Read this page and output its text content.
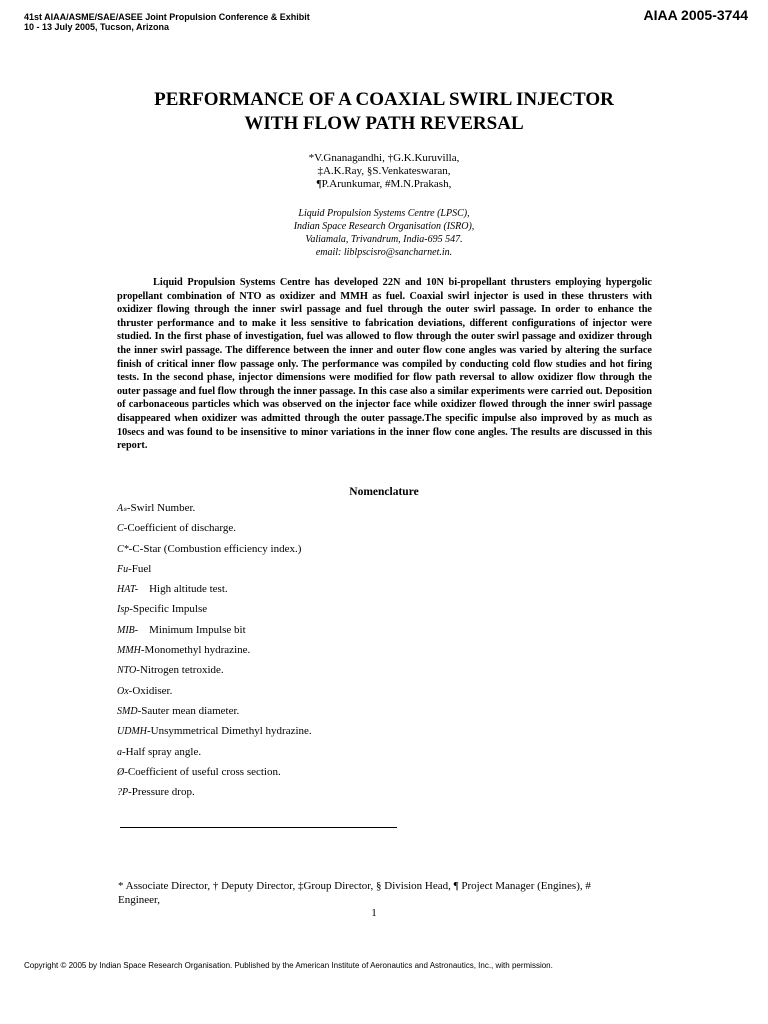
41st AIAA/ASME/SAE/ASEE Joint Propulsion Conference & Exhibit
10 - 13 July 2005, Tucson, Arizona
AIAA 2005-3744
PERFORMANCE OF A COAXIAL SWIRL INJECTOR
WITH FLOW PATH REVERSAL
*V.Gnanagandhi, †G.K.Kuruvilla,
‡A.K.Ray, §S.Venkateswaran,
¶P.Arunkumar, #M.N.Prakash,
Liquid Propulsion Systems Centre (LPSC),
Indian Space Research Organisation (ISRO),
Valiamala, Trivandrum, India-695 547.
email: liblpscisro@sancharnet.in.
Liquid Propulsion Systems Centre has developed 22N and 10N bi-propellant thrusters employing hypergolic propellant combination of NTO as oxidizer and MMH as fuel. Coaxial swirl injector is used in these thrusters with oxidizer flowing through the inner swirl passage and fuel through the outer swirl passage. In order to enhance the thruster performance and to make it less sensitive to fabrication deviations, different configurations of injector were studied. In the first phase of investigation, fuel was allowed to flow through the outer swirl passage and oxidizer through the inner swirl passage. The difference between the inner and outer flow cone angles was varied by altering the surface finish of critical inner flow passage only. The performance was compiled by conducting cold flow studies and hot firing tests. In the second phase, injector dimensions were modified for flow path reversal to allow oxidizer flow through the outer passage and fuel flow through the inner passage. In this case also a similar experiments were carried out. Deposition of carbonaceous particles which was observed on the injector face while oxidizer flowed through the inner swirl passage disappeared when oxidizer was admitted through the outer passage.The specific impulse also improved by as much as 10secs and was found to be insensitive to minor variations in the inner flow cone angles. The results are discussed in this report.
Nomenclature
Aₛ-Swirl Number.
C⁤-Coefficient of discharge.
C*-C-Star (Combustion efficiency index.)
Fu-Fuel
HAT-    High altitude test.
Isp-Specific Impulse
MIB-    Minimum Impulse bit
MMH-Monomethyl hydrazine.
NTO-Nitrogen tetroxide.
Ox-Oxidiser.
SMD-Sauter mean diameter.
UDMH-Unsymmetrical Dimethyl hydrazine.
a-Half spray angle.
Ø-Coefficient of useful cross section.
?P-Pressure drop.
* Associate Director, † Deputy Director, ‡Group Director, § Division Head, ¶ Project Manager (Engines), #
Engineer,
1
Copyright © 2005 by Indian Space Research Organisation. Published by the American Institute of Aeronautics and Astronautics, Inc., with permission.
